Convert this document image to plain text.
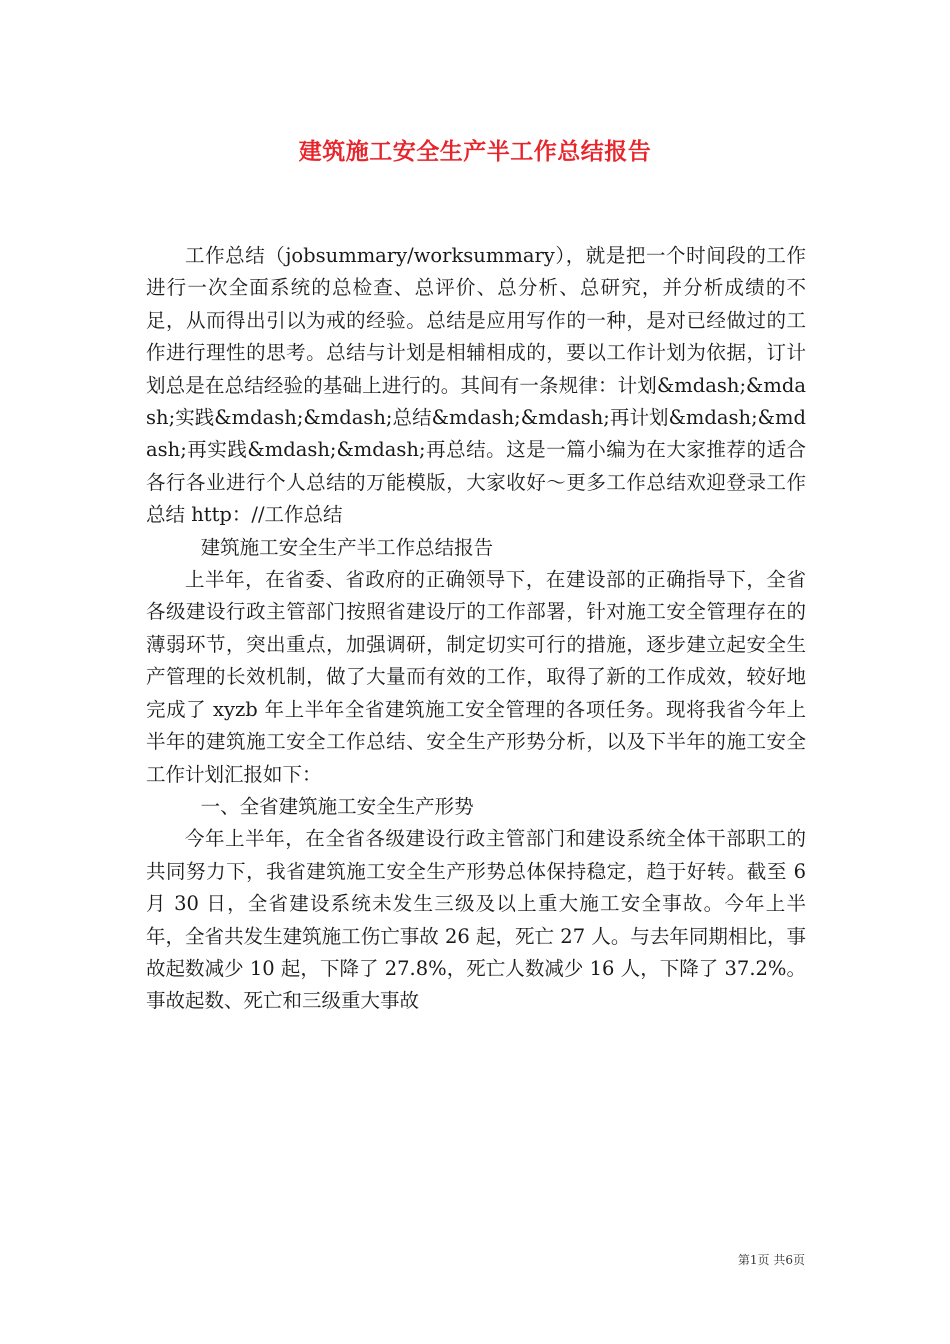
建筑施工安全生产半工作总结报告

工作总结（jobsummary/worksummary），就是把一个时间段的工作进行一次全面系统的总检查、总评价、总分析、总研究，并分析成绩的不足，从而得出引以为戒的经验。总结是应用写作的一种，是对已经做过的工作进行理性的思考。总结与计划是相辅相成的，要以工作计划为依据，订计划总是在总结经验的基础上进行的。其间有一条规律：计划&mdash;&mdash;实践&mdash;&mdash;总结&mdash;&mdash;再计划&mdash;&mdash;再实践&mdash;&mdash;再总结。这是一篇小编为在大家推荐的适合各行各业进行个人总结的万能模版，大家收好～更多工作总结欢迎登录工作总结 http：//工作总结

建筑施工安全生产半工作总结报告

上半年，在省委、省政府的正确领导下，在建设部的正确指导下，全省各级建设行政主管部门按照省建设厅的工作部署，针对施工安全管理存在的薄弱环节，突出重点，加强调研，制定切实可行的措施，逐步建立起安全生产管理的长效机制，做了大量而有效的工作，取得了新的工作成效，较好地完成了 xyzb 年上半年全省建筑施工安全管理的各项任务。现将我省今年上半年的建筑施工安全工作总结、安全生产形势分析，以及下半年的施工安全工作计划汇报如下：

一、全省建筑施工安全生产形势

今年上半年，在全省各级建设行政主管部门和建设系统全体干部职工的共同努力下，我省建筑施工安全生产形势总体保持稳定，趋于好转。截至 6 月 30 日，全省建设系统未发生三级及以上重大施工安全事故。今年上半年，全省共发生建筑施工伤亡事故 26 起，死亡 27 人。与去年同期相比，事故起数减少 10 起，下降了 27.8%，死亡人数减少 16 人，下降了 37.2%。事故起数、死亡和三级重大事故

第1页 共6页
